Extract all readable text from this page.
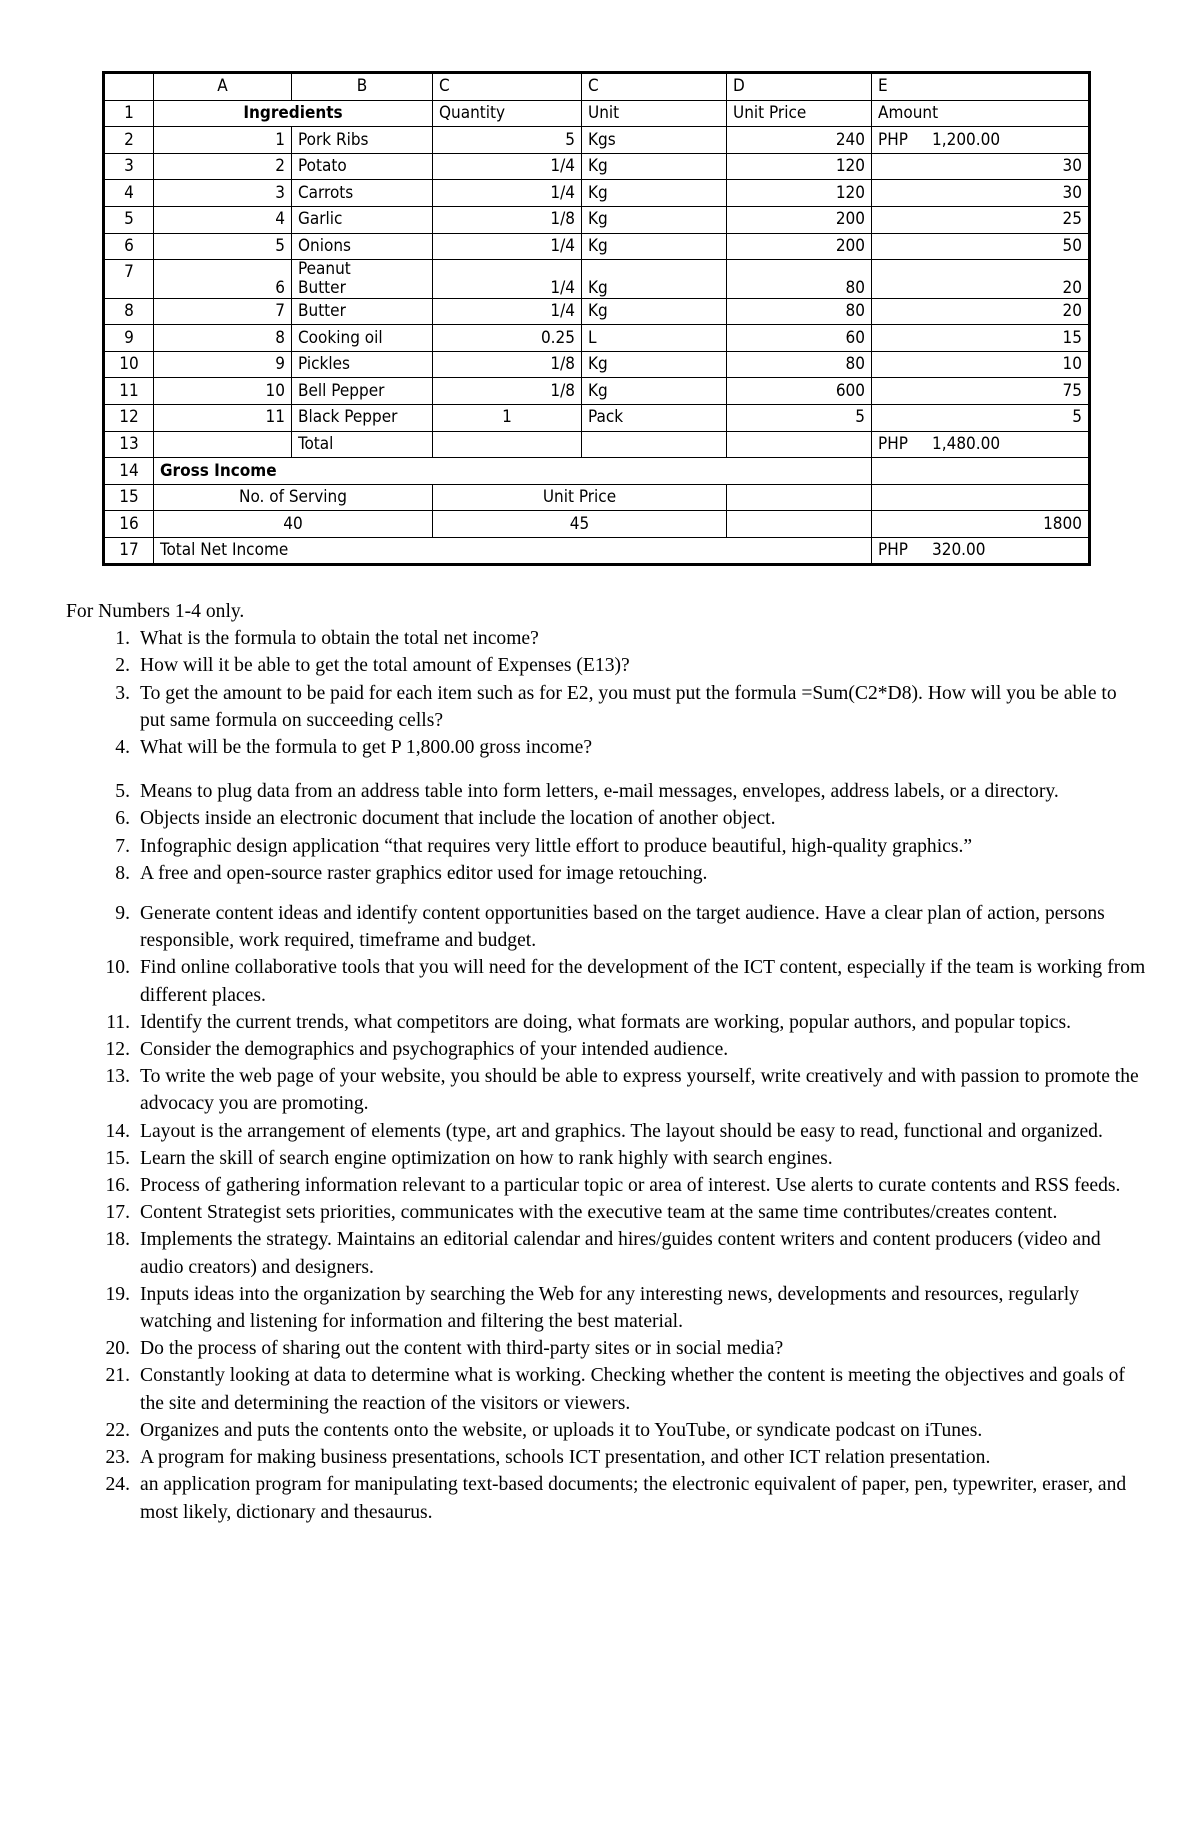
	A	B	C	C	D	E
1	Ingredients		Quantity	Unit	Unit Price	Amount
2	1	Pork Ribs	5	Kgs	240	PHP 1,200.00

3	2	Potato	1/4	Kg	120	30
4	3	Carrots	1/4	Kg	120	30
5	4	Garlic	1/8	Kg	200	25
6	5	Onions	1/4	Kg	200	50
7	6	Peanut
Butter	1/4	Kg	80	20
8	7	Butter	1/4	Kg	80	20
9	8	Cooking oil	0.25	L	60	15
10	9	Pickles	1/8	Kg	80	10
11	10	Bell Pepper	1/8	Kg	600	75
12	11	Black Pepper	1	Pack	5	5
13		Total				PHP 1,480.00

14	Gross Income					
15	No. of Serving		Unit Price			
16	40		45			1800
17	Total Net Income					PHP 320.00

For Numbers 1-4 only.

1. What is the formula to obtain the total net income?
2. How will it be able to get the total amount of Expenses (E13)?
3. To get the amount to be paid for each item such as for E2, you must put the formula =Sum(C2*D8). How will you be able to put same formula on succeeding cells?
4. What will be the formula to get P 1,800.00 gross income?
5. Means to plug data from an address table into form letters, e-mail messages, envelopes, address labels, or a directory.
6. Objects inside an electronic document that include the location of another object.
7. Infographic design application “that requires very little effort to produce beautiful, high-quality graphics.”
8. A free and open-source raster graphics editor used for image retouching.
9. Generate content ideas and identify content opportunities based on the target audience. Have a clear plan of action, persons responsible, work required, timeframe and budget.
10. Find online collaborative tools that you will need for the development of the ICT content, especially if the team is working from different places.
11. Identify the current trends, what competitors are doing, what formats are working, popular authors, and popular topics.
12. Consider the demographics and psychographics of your intended audience.
13. To write the web page of your website, you should be able to express yourself, write creatively and with passion to promote the advocacy you are promoting.
14. Layout is the arrangement of elements (type, art and graphics. The layout should be easy to read, functional and organized.
15. Learn the skill of search engine optimization on how to rank highly with search engines.
16. Process of gathering information relevant to a particular topic or area of interest. Use alerts to curate contents and RSS feeds.
17. Content Strategist sets priorities, communicates with the executive team at the same time contributes/creates content.
18. Implements the strategy. Maintains an editorial calendar and hires/guides content writers and content producers (video and audio creators) and designers.
19. Inputs ideas into the organization by searching the Web for any interesting news, developments and resources, regularly watching and listening for information and filtering the best material.
20. Do the process of sharing out the content with third-party sites or in social media?
21. Constantly looking at data to determine what is working. Checking whether the content is meeting the objectives and goals of the site and determining the reaction of the visitors or viewers.
22. Organizes and puts the contents onto the website, or uploads it to YouTube, or syndicate podcast on iTunes.
23. A program for making business presentations, schools ICT presentation, and other ICT relation presentation.
24. an application program for manipulating text-based documents; the electronic equivalent of paper, pen, typewriter, eraser, and most likely, dictionary and thesaurus.
